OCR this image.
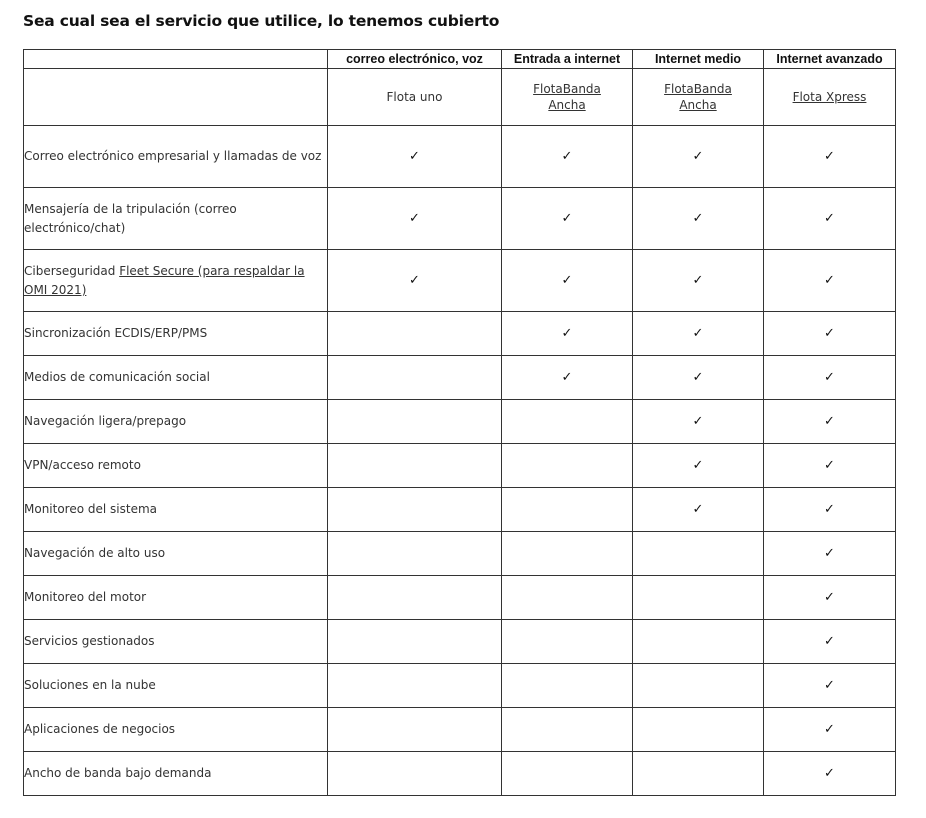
Sea cual sea el servicio que utilice, lo tenemos cubierto
	correo electrónico, voz	Entrada a internet	Internet medio	Internet avanzado
	Flota uno	FlotaBanda Ancha	FlotaBanda Ancha	Flota Xpress
Correo electrónico empresarial y llamadas de voz	✓	✓	✓	✓
Mensajería de la tripulación (correo electrónico/chat)	✓	✓	✓	✓
Ciberseguridad Fleet Secure (para respaldar la OMI 2021)	✓	✓	✓	✓
Sincronización ECDIS/ERP/PMS		✓	✓	✓
Medios de comunicación social		✓	✓	✓
Navegación ligera/prepago			✓	✓
VPN/acceso remoto			✓	✓
Monitoreo del sistema			✓	✓
Navegación de alto uso				✓
Monitoreo del motor				✓
Servicios gestionados				✓
Soluciones en la nube				✓
Aplicaciones de negocios				✓
Ancho de banda bajo demanda				✓
